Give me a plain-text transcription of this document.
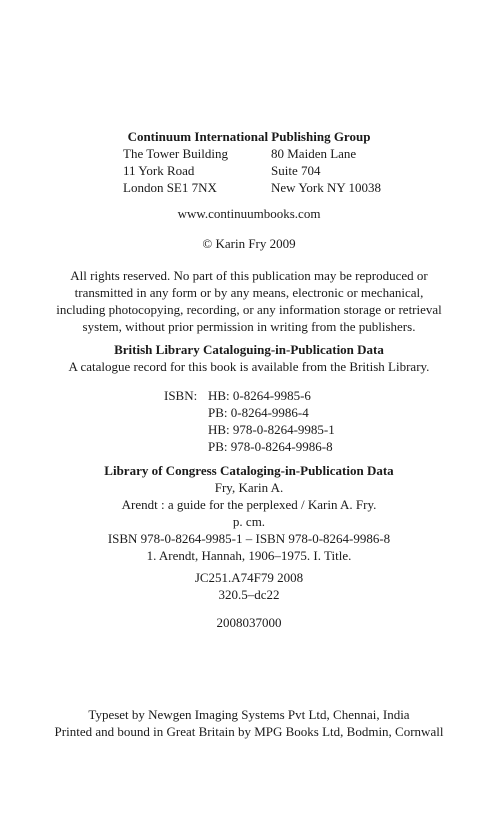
Continuum International Publishing Group
The Tower Building	80 Maiden Lane
11 York Road	Suite 704
London SE1 7NX	New York NY 10038
www.continuumbooks.com
© Karin Fry 2009
All rights reserved. No part of this publication may be reproduced or
transmitted in any form or by any means, electronic or mechanical,
including photocopying, recording, or any information storage or retrieval
system, without prior permission in writing from the publishers.
British Library Cataloguing-in-Publication Data
A catalogue record for this book is available from the British Library.
ISBN: HB: 0-8264-9985-6
PB: 0-8264-9986-4
HB: 978-0-8264-9985-1
PB: 978-0-8264-9986-8
Library of Congress Cataloging-in-Publication Data
Fry, Karin A.
Arendt : a guide for the perplexed / Karin A. Fry.
p. cm.
ISBN 978-0-8264-9985-1 – ISBN 978-0-8264-9986-8
1. Arendt, Hannah, 1906–1975. I. Title.
JC251.A74F79 2008
320.5–dc22
2008037000
Typeset by Newgen Imaging Systems Pvt Ltd, Chennai, India
Printed and bound in Great Britain by MPG Books Ltd, Bodmin, Cornwall
